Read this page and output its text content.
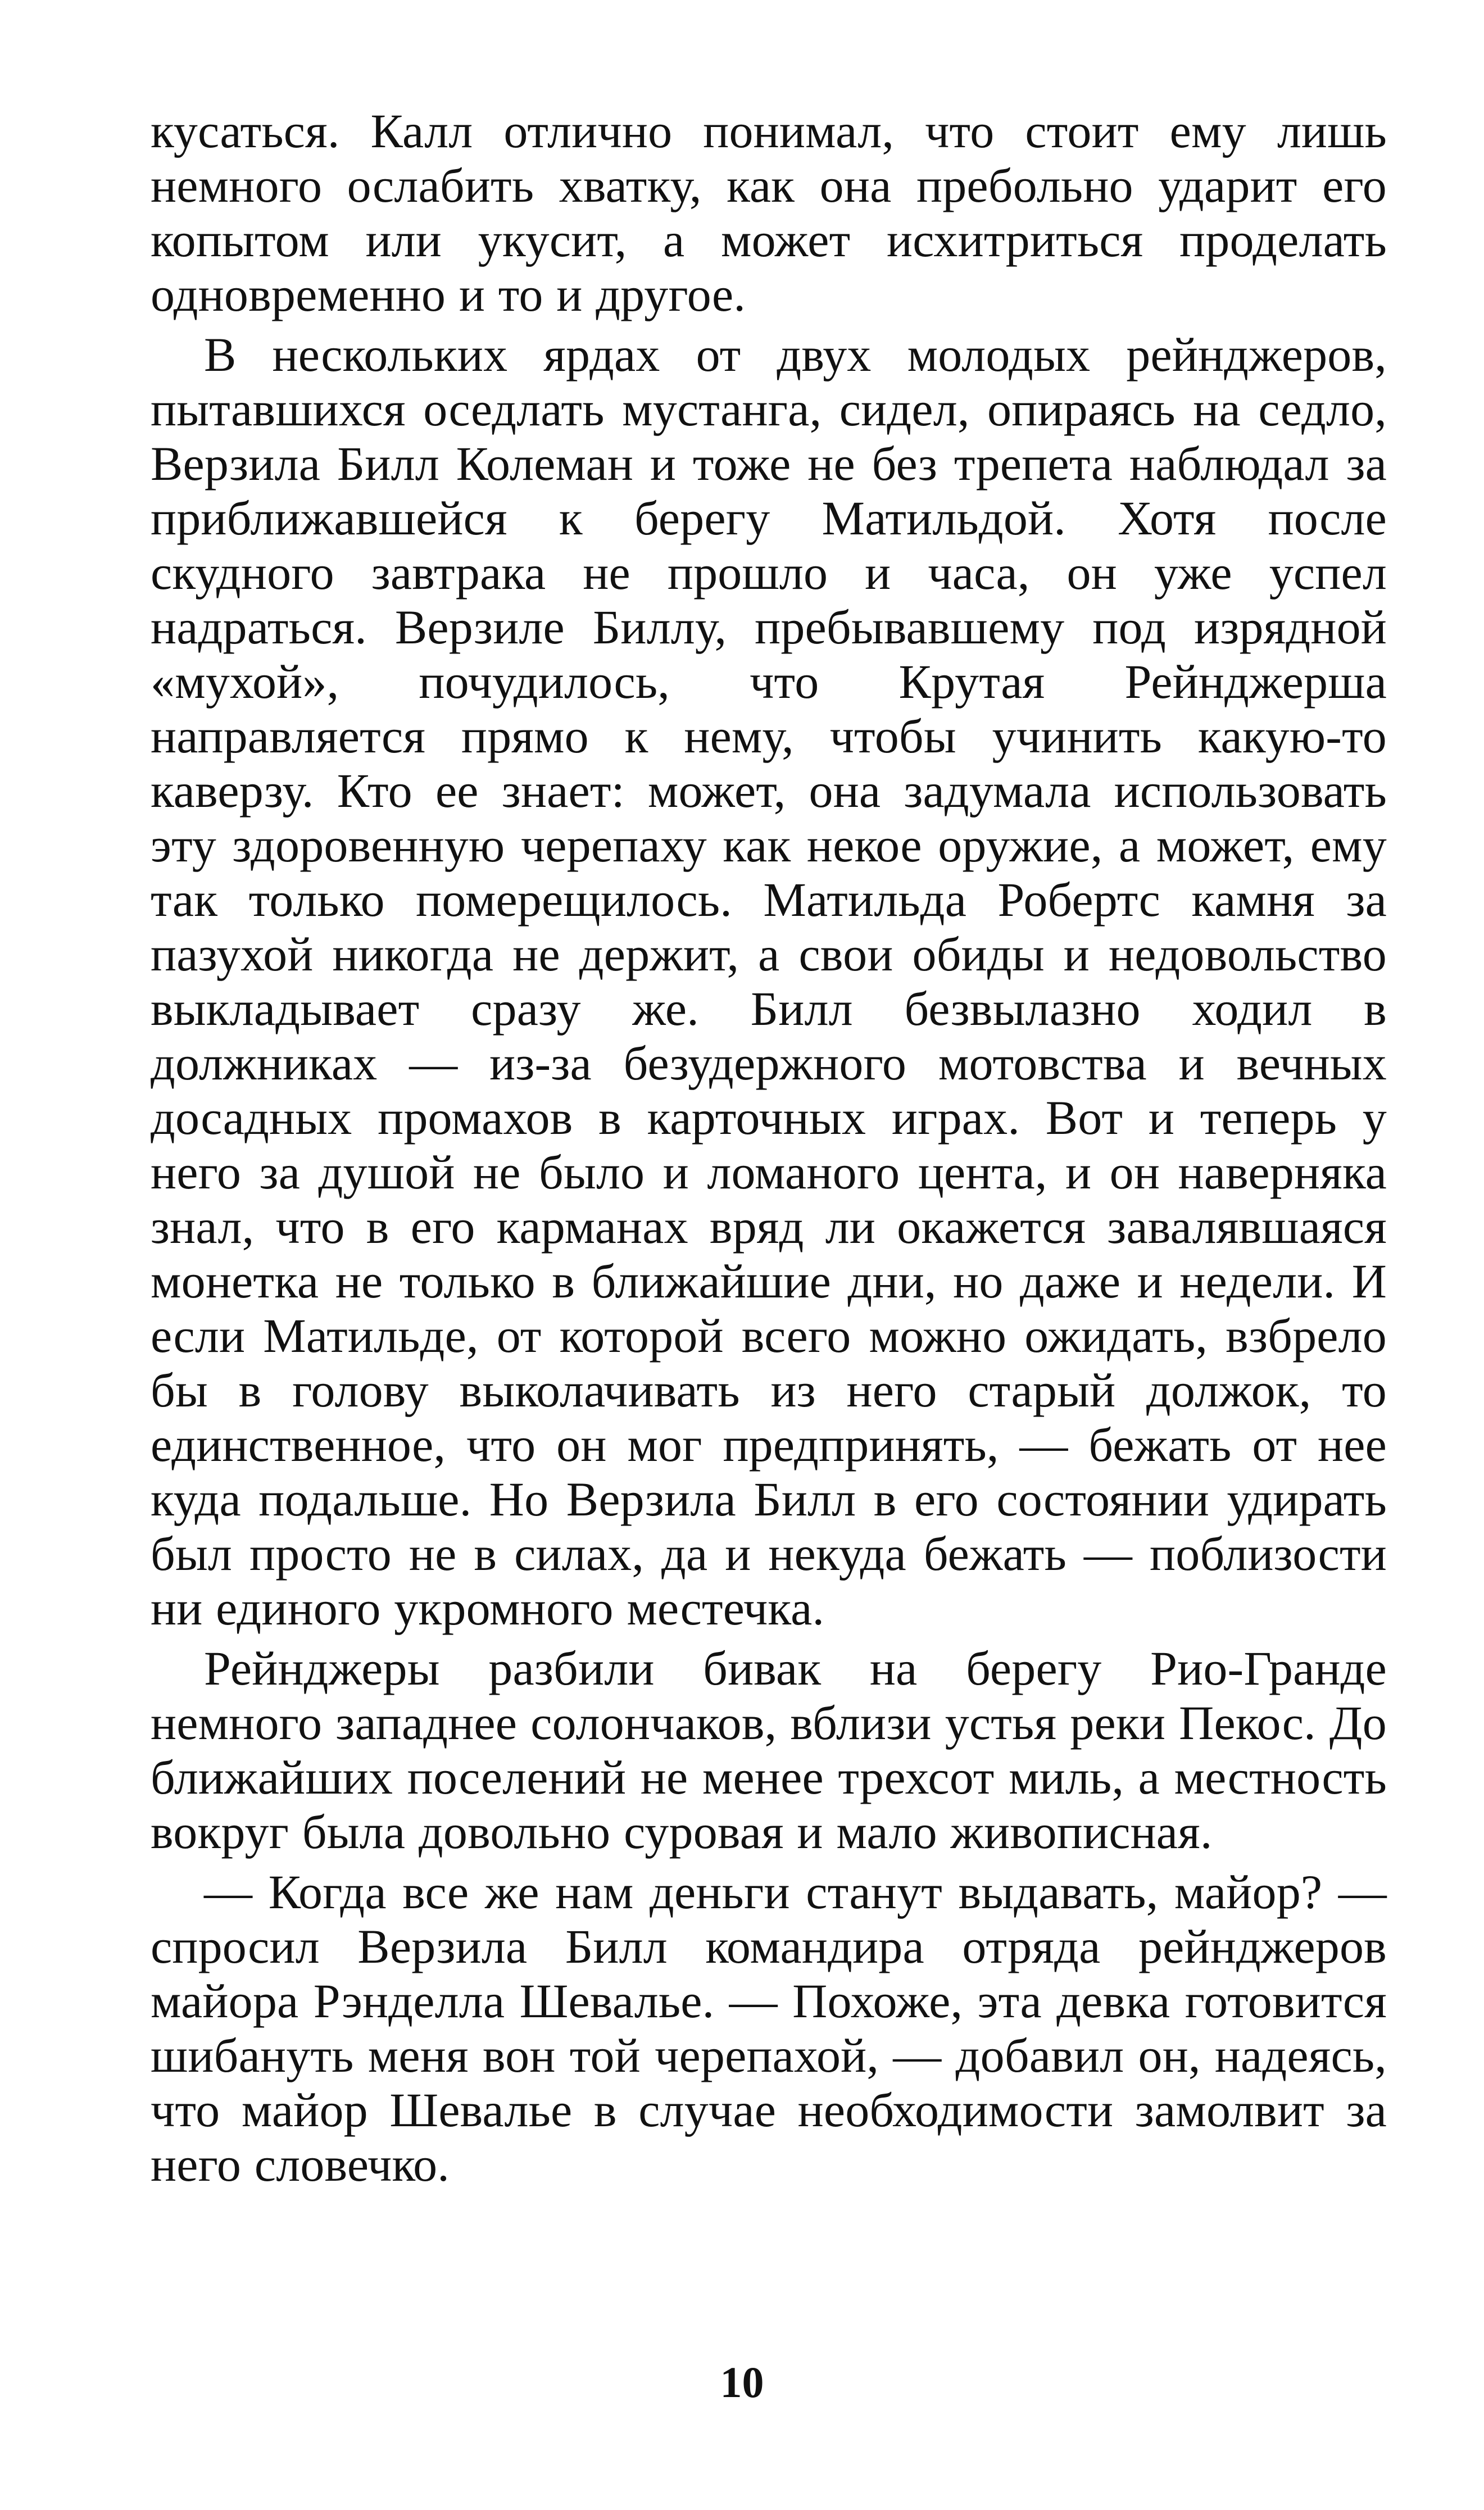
кусаться. Калл отлично понимал, что стоит ему лишь немного ослабить хватку, как она пребольно ударит его копытом или укусит, а может исхитриться проделать одновременно и то и другое.

В нескольких ярдах от двух молодых рейнджеров, пытавшихся оседлать мустанга, сидел, опираясь на седло, Верзила Билл Колеман и тоже не без трепета наблюдал за приближавшейся к берегу Матильдой. Хотя после скудного завтрака не прошло и часа, он уже успел надраться. Верзиле Биллу, пребывавшему под изрядной «мухой», почудилось, что Крутая Рейнджерша направляется прямо к нему, чтобы учинить какую-то каверзу. Кто ее знает: может, она задумала использовать эту здоровенную черепаху как некое оружие, а может, ему так только померещилось. Матильда Робертс камня за пазухой никогда не держит, а свои обиды и недовольство выкладывает сразу же. Билл безвылазно ходил в должниках — из-за безудержного мотовства и вечных досадных промахов в карточных играх. Вот и теперь у него за душой не было и ломаного цента, и он наверняка знал, что в его карманах вряд ли окажется завалявшаяся монетка не только в ближайшие дни, но даже и недели. И если Матильде, от которой всего можно ожидать, взбрело бы в голову выколачивать из него старый должок, то единственное, что он мог предпринять, — бежать от нее куда подальше. Но Верзила Билл в его состоянии удирать был просто не в силах, да и некуда бежать — поблизости ни единого укромного местечка.

Рейнджеры разбили бивак на берегу Рио-Гранде немного западнее солончаков, вблизи устья реки Пекос. До ближайших поселений не менее трехсот миль, а местность вокруг была довольно суровая и мало живописная.

— Когда все же нам деньги станут выдавать, майор? — спросил Верзила Билл командира отряда рейнджеров майора Рэнделла Шевалье. — Похоже, эта девка готовится шибануть меня вон той черепахой, — добавил он, надеясь, что майор Шевалье в случае необходимости замолвит за него словечко.

10
